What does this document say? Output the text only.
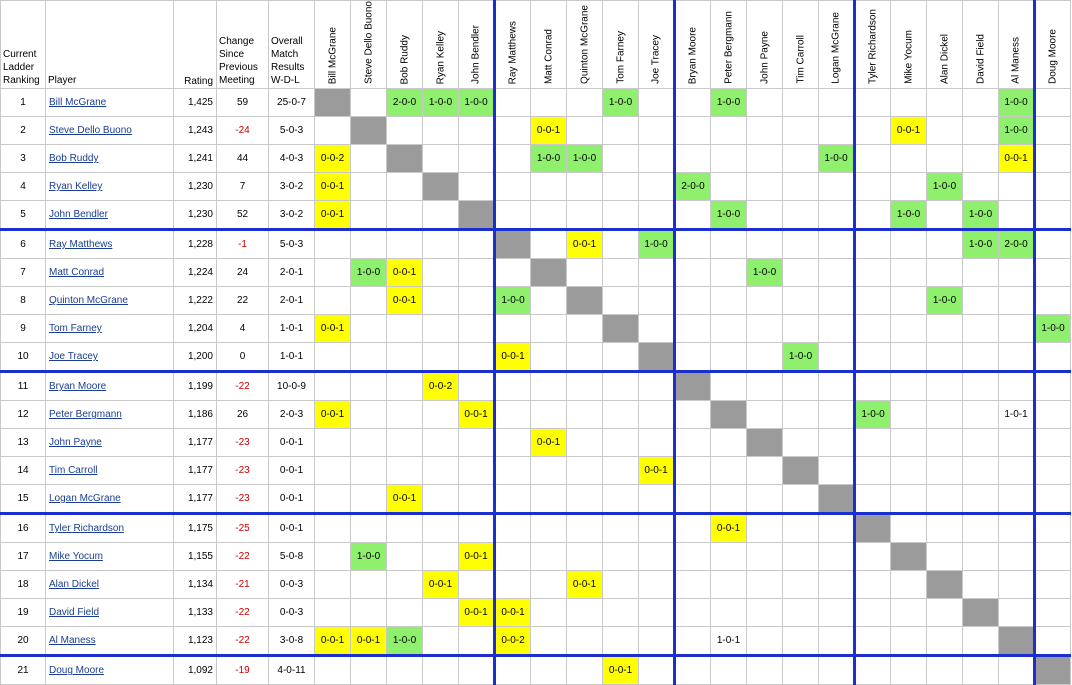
Current Ladder Ranking	Player	Rating	Change Since Previous Meeting	Overall Match Results W-D-L	Bill McGrane	Steve Dello Buono	Bob Ruddy	Ryan Kelley	John Bendler	Ray Matthews	Matt Conrad	Quinton McGrane	Tom Farney	Joe Tracey	Bryan Moore	Peter Bergmann	John Payne	Tim Carroll	Logan McGrane	Tyler Richardson	Mike Yocum	Alan Dickel	David Field	Al Maness	Doug Moore

1	Bill McGrane	1,425	59	25-0-7			2-0-0	1-0-0	1-0-0				1-0-0			1-0-0								1-0-0	
2	Steve Dello Buono	1,243	-24	5-0-3							0-0-1										0-0-1			1-0-0	
3	Bob Ruddy	1,241	44	4-0-3	0-0-2						1-0-0	1-0-0							1-0-0					0-0-1	
4	Ryan Kelley	1,230	7	3-0-2	0-0-1										2-0-0							1-0-0			
5	John Bendler	1,230	52	3-0-2	0-0-1											1-0-0					1-0-0		1-0-0		
6	Ray Matthews	1,228	-1	5-0-3								0-0-1		1-0-0									1-0-0	2-0-0	
7	Matt Conrad	1,224	24	2-0-1		1-0-0	0-0-1										1-0-0								
8	Quinton McGrane	1,222	22	2-0-1			0-0-1			1-0-0												1-0-0			
9	Tom Farney	1,204	4	1-0-1	0-0-1																				1-0-0
10	Joe Tracey	1,200	0	1-0-1						0-0-1								1-0-0							
11	Bryan Moore	1,199	-22	10-0-9				0-0-2																	
12	Peter Bergmann	1,186	26	2-0-3	0-0-1				0-0-1											1-0-0				1-0-1	
13	John Payne	1,177	-23	0-0-1							0-0-1														
14	Tim Carroll	1,177	-23	0-0-1										0-0-1											
15	Logan McGrane	1,177	-23	0-0-1			0-0-1																		
16	Tyler Richardson	1,175	-25	0-0-1												0-0-1									
17	Mike Yocum	1,155	-22	5-0-8		1-0-0			0-0-1																
18	Alan Dickel	1,134	-21	0-0-3				0-0-1				0-0-1													
19	David Field	1,133	-22	0-0-3					0-0-1	0-0-1															
20	Al Maness	1,123	-22	3-0-8	0-0-1	0-0-1	1-0-0			0-0-2						1-0-1									
21	Doug Moore	1,092	-19	4-0-11									0-0-1												
